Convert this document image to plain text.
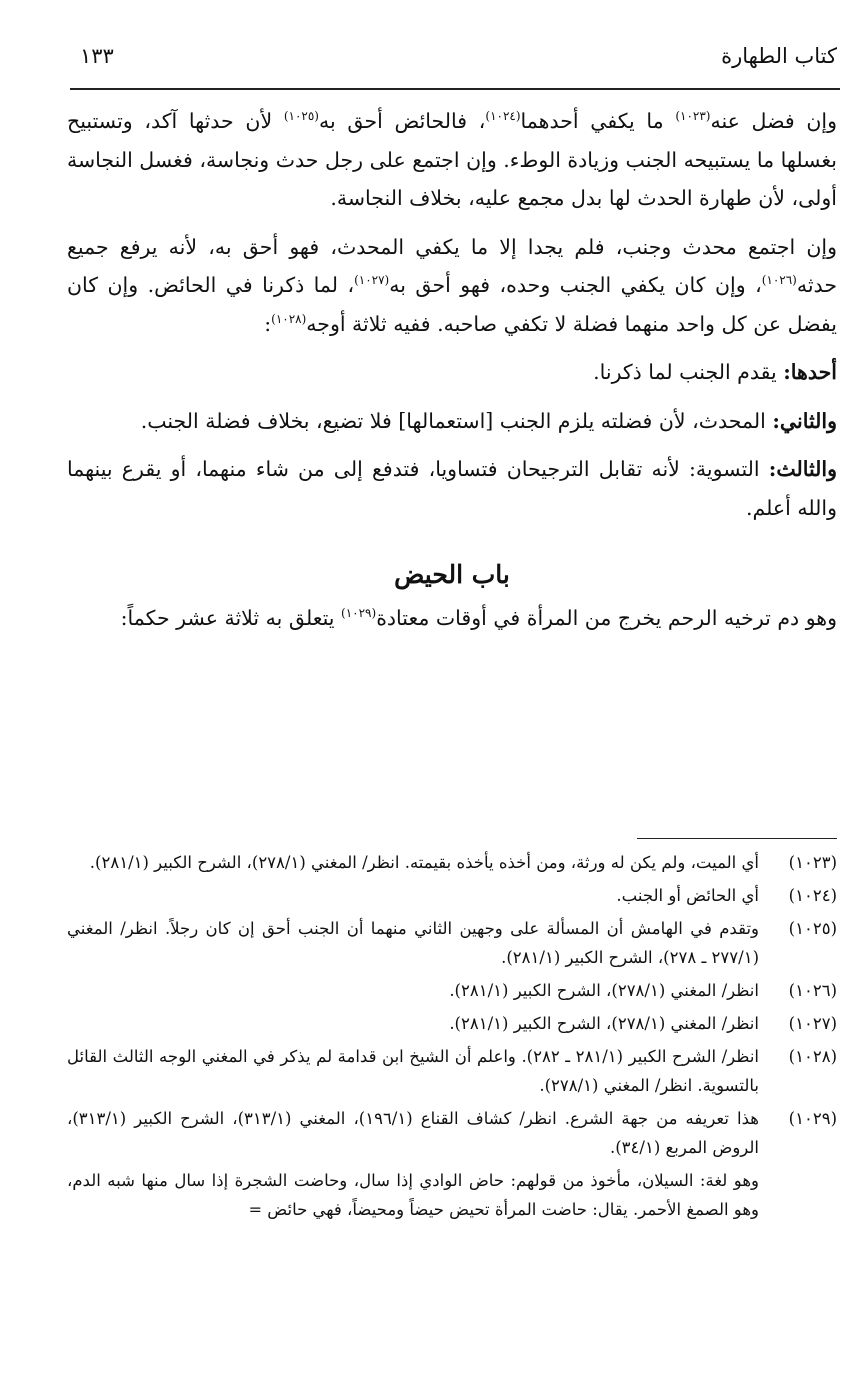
كتاب الطهارة
١٣٣

وإن فضل عنه$^{(١٠٢٣)}$ ما يكفي أحدهما$^{(١٠٢٤)}$، فالحائض أحق به$^{(١٠٢٥)}$ لأن حدثها آكد، وتستبيح بغسلها ما يستبيحه الجنب وزيادة الوطء. وإن اجتمع على رجل حدث ونجاسة، فغسل النجاسة أولى، لأن طهارة الحدث لها بدل مجمع عليه، بخلاف النجاسة.

وإن اجتمع محدث وجنب، فلم يجدا إلا ما يكفي المحدث، فهو أحق به، لأنه يرفع جميع حدثه$^{(١٠٢٦)}$، وإن كان يكفي الجنب وحده، فهو أحق به$^{(١٠٢٧)}$، لما ذكرنا في الحائض. وإن كان يفضل عن كل واحد منهما فضلة لا تكفي صاحبه. ففيه ثلاثة أوجه$^{(١٠٢٨)}$:

أحدها: يقدم الجنب لما ذكرنا.

والثاني: المحدث، لأن فضلته يلزم الجنب [استعمالها] فلا تضيع، بخلاف فضلة الجنب.

والثالث: التسوية: لأنه تقابل الترجيحان فتساويا، فتدفع إلى من شاء منهما، أو يقرع بينهما والله أعلم.

باب الحيض

وهو دم ترخيه الرحم يخرج من المرأة في أوقات معتادة$^{(١٠٢٩)}$ يتعلق به ثلاثة عشر حكماً:

(١٠٢٣)
أي الميت، ولم يكن له ورثة، ومن أخذه يأخذه بقيمته. انظر/ المغني (٢٧٨/١)، الشرح الكبير (٢٨١/١).
(١٠٢٤)
أي الحائض أو الجنب.
(١٠٢٥)
وتقدم في الهامش أن المسألة على وجهين الثاني منهما أن الجنب أحق إن كان رجلاً. انظر/ المغني (٢٧٧/١ ـ ٢٧٨)، الشرح الكبير (٢٨١/١).
(١٠٢٦)
انظر/ المغني (٢٧٨/١)، الشرح الكبير (٢٨١/١).
(١٠٢٧)
انظر/ المغني (٢٧٨/١)، الشرح الكبير (٢٨١/١).
(١٠٢٨)
انظر/ الشرح الكبير (٢٨١/١ ـ ٢٨٢). واعلم أن الشيخ ابن قدامة لم يذكر في المغني الوجه الثالث القائل بالتسوية. انظر/ المغني (٢٧٨/١).
(١٠٢٩)
هذا تعريفه من جهة الشرع. انظر/ كشاف القناع (١٩٦/١)، المغني (٣١٣/١)، الشرح الكبير (٣١٣/١)، الروض المربع (٣٤/١).
وهو لغة: السيلان، مأخوذ من قولهم: حاض الوادي إذا سال، وحاضت الشجرة إذا سال منها شبه الدم، وهو الصمغ الأحمر. يقال: حاضت المرأة تحيض حيضاً ومحيضاً، فهي حائض =
